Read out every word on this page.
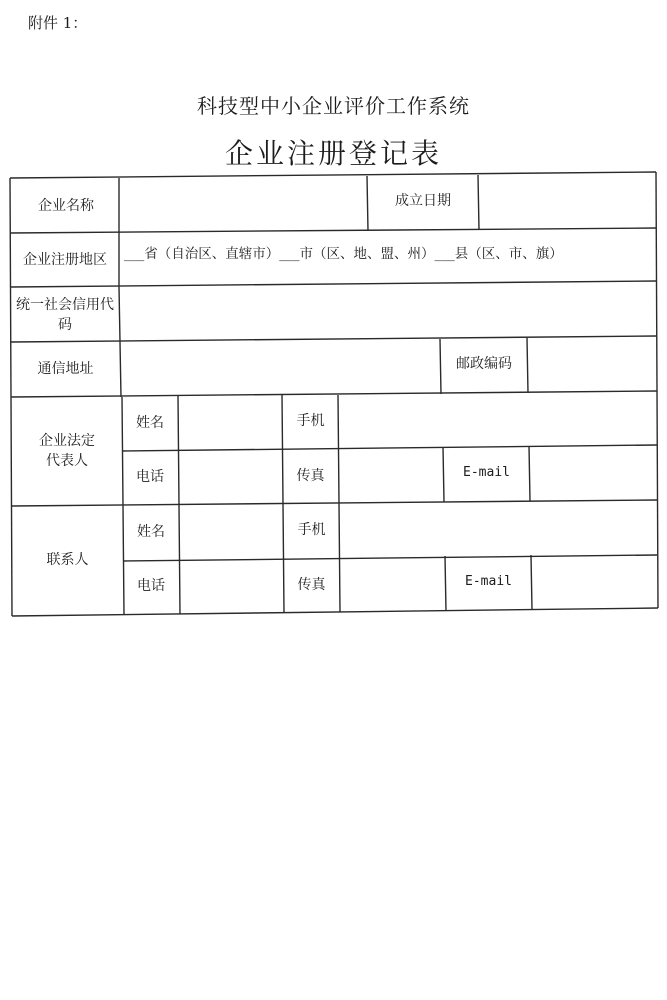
附件 1：
科技型中小企业评价工作系统
企业注册登记表
企业名称	成立日期
企业注册地区	___省（自治区、直辖市）___市（区、地、盟、州）___县（区、市、旗）
统一社会信用代
码
通信地址	邮政编码
企业法定
代表人
姓名	手机
电话	传真	E-mail
联系人
姓名	手机
电话	传真	E-mail
